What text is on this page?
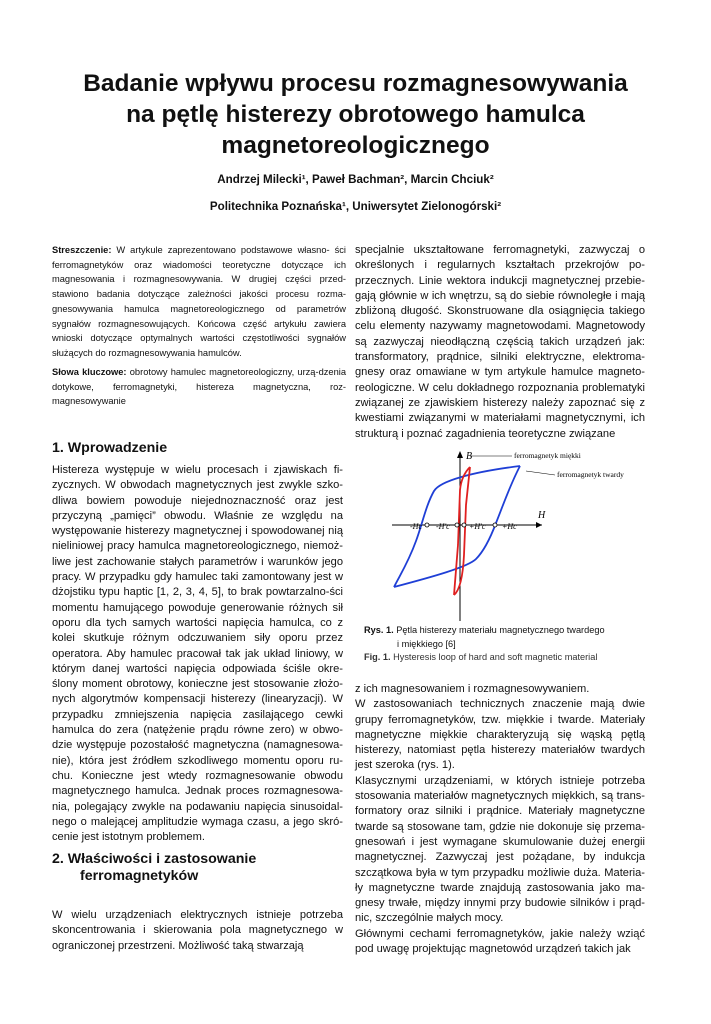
Badanie wpływu procesu rozmagnesowywania
na pętlę histerezy obrotowego hamulca
magnetoreologicznego
Andrzej Milecki¹, Paweł Bachman², Marcin Chciuk²
Politechnika Poznańska¹, Uniwersytet Zielonogórski²
Streszczenie: W artykule zaprezentowano podstawowe własno- ści ferromagnetyków oraz wiadomości teoretyczne dotyczące ich magnesowania i rozmagnesowywania. W drugiej części przed-stawiono badania dotyczące zależności jakości procesu rozma-gnesowywania hamulca magnetoreologicznego od parametrów sygnałów rozmagnesowujących. Końcowa część artykułu zawiera wnioski dotyczące optymalnych wartości częstotliwości sygnałów służących do rozmagnesowywania hamulców.
Słowa kluczowe: obrotowy hamulec magnetoreologiczny, urzą-dzenia dotykowe, ferromagnetyki, histereza magnetyczna, roz-magnesowywanie
1. Wprowadzenie
Histereza występuje w wielu procesach i zjawiskach fi- zycznych. W obwodach magnetycznych jest zwykle szko- dliwa bowiem powoduje niejednoznaczność oraz jest przyczyną „pamięci” obwodu. Właśnie ze względu na występowanie histerezy magnetycznej i spowodowanej nią nieliniowej pracy hamulca magnetoreologicznego, niemoż-liwe jest zachowanie stałych parametrów i warunków jego pracy. W przypadku gdy hamulec taki zamontowany jest w dżojstiku typu haptic [1, 2, 3, 4, 5], to brak powtarzalno-ści momentu hamującego powoduje generowanie różnych sił oporu dla tych samych wartości napięcia hamulca, co z kolei skutkuje różnym odczuwaniem siły oporu przez operatora. Aby hamulec pracował tak jak układ liniowy, w którym danej wartości napięcia odpowiada ściśle okre-ślony moment obrotowy, konieczne jest stosowanie złożo-nych algorytmów kompensacji histerezy (linearyzacji). W przypadku zmniejszenia napięcia zasilającego cewki hamulca do zera (natężenie prądu równe zero) w obwo-dzie występuje pozostałość magnetyczna (namagnesowa-nie), która jest źródłem szkodliwego momentu oporu ru-chu. Konieczne jest wtedy rozmagnesowanie obwodu magnetycznego hamulca. Jednak proces rozmagnesowa- nia, polegający zwykle na podawaniu napięcia sinusoidal-nego o malejącej amplitudzie wymaga czasu, a jego skró-cenie jest istotnym problemem.
2. Właściwości i zastosowanie
ferromagnetyków
W wielu urządzeniach elektrycznych istnieje potrzeba skoncentrowania i skierowania pola magnetycznego w ograniczonej przestrzeni. Możliwość taką stwarzają
specjalnie ukształtowane ferromagnetyki, zazwyczaj o określonych i regularnych kształtach przekrojów po-przecznych. Linie wektora indukcji magnetycznej przebie-gają głównie w ich wnętrzu, są do siebie równoległe i mają zbliżoną długość. Skonstruowane dla osiągnięcia takiego celu elementy nazywamy magnetowodami. Magnetowody są zazwyczaj nieodłączną częścią takich urządzeń jak: transformatory, prądnice, silniki elektryczne, elektroma-gnesy oraz omawiane w tym artykule hamulce magneto-reologiczne. W celu dokładnego rozpoznania problematyki związanej ze zjawiskiem histerezy należy zapoznać się z kwestiami związanymi w materiałami magnetycznymi, ich strukturą i poznać zagadnienia teoretyczne związane
B
H
-Hc -H'c +H'c +Hc
ferromagnetyk miękki
ferromagnetyk twardy
Rys. 1. Pętla histerezy materiału magnetycznego twardego
i miękkiego [6]
Fig. 1. Hysteresis loop of hard and soft magnetic material
z ich magnesowaniem i rozmagnesowywaniem.
W zastosowaniach technicznych znaczenie mają dwie grupy ferromagnetyków, tzw. miękkie i twarde. Materiały magnetyczne miękkie charakteryzują się wąską pętlą histerezy, natomiast pętla histerezy materiałów twardych jest szeroka (rys. 1).
Klasycznymi urządzeniami, w których istnieje potrzeba stosowania materiałów magnetycznych miękkich, są trans-formatory oraz silniki i prądnice. Materiały magnetyczne twarde są stosowane tam, gdzie nie dokonuje się przema-gnesowań i jest wymagane skumulowanie dużej energii magnetycznej. Zazwyczaj jest pożądane, by indukcja szczątkowa była w tym przypadku możliwie duża. Materia-ły magnetyczne twarde znajdują zastosowania jako ma-gnesy trwałe, między innymi przy budowie silników i prąd-nic, szczególnie małych mocy.
Głównymi cechami ferromagnetyków, jakie należy wziąć pod uwagę projektując magnetowód urządzeń takich jak
